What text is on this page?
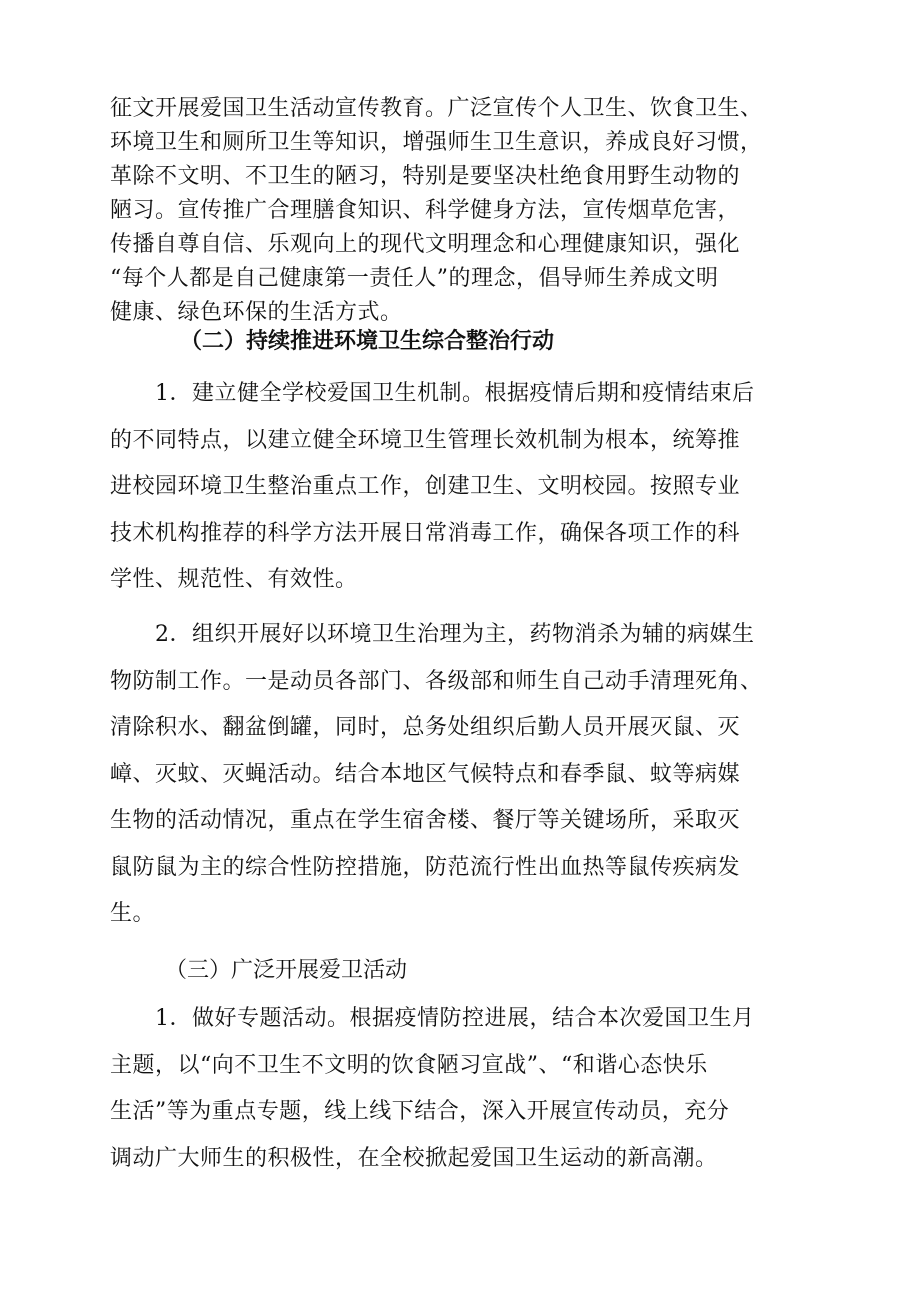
征文开展爱国卫生活动宣传教育。广泛宣传个人卫生、饮食卫生、
环境卫生和厕所卫生等知识，增强师生卫生意识，养成良好习惯，
革除不文明、不卫生的陋习，特别是要坚决杜绝食用野生动物的
陋习。宣传推广合理膳食知识、科学健身方法，宣传烟草危害，
传播自尊自信、乐观向上的现代文明理念和心理健康知识，强化
“每个人都是自己健康第一责任人”的理念，倡导师生养成文明
健康、绿色环保的生活方式。
（二）持续推进环境卫生综合整治行动
　　1．建立健全学校爱国卫生机制。根据疫情后期和疫情结束后
的不同特点，以建立健全环境卫生管理长效机制为根本，统筹推
进校园环境卫生整治重点工作，创建卫生、文明校园。按照专业
技术机构推荐的科学方法开展日常消毒工作，确保各项工作的科
学性、规范性、有效性。
　　2．组织开展好以环境卫生治理为主，药物消杀为辅的病媒生
物防制工作。一是动员各部门、各级部和师生自己动手清理死角、
清除积水、翻盆倒罐，同时，总务处组织后勤人员开展灭鼠、灭
嶂、灭蚊、灭蝇活动。结合本地区气候特点和春季鼠、蚊等病媒
生物的活动情况，重点在学生宿舍楼、餐厅等关键场所，采取灭
鼠防鼠为主的综合性防控措施，防范流行性出血热等鼠传疾病发
生。
（三）广泛开展爱卫活动
　　1．做好专题活动。根据疫情防控进展，结合本次爱国卫生月
主题，以“向不卫生不文明的饮食陋习宣战”、“和谐心态快乐
生活”等为重点专题，线上线下结合，深入开展宣传动员，充分
调动广大师生的积极性，在全校掀起爱国卫生运动的新高潮。
